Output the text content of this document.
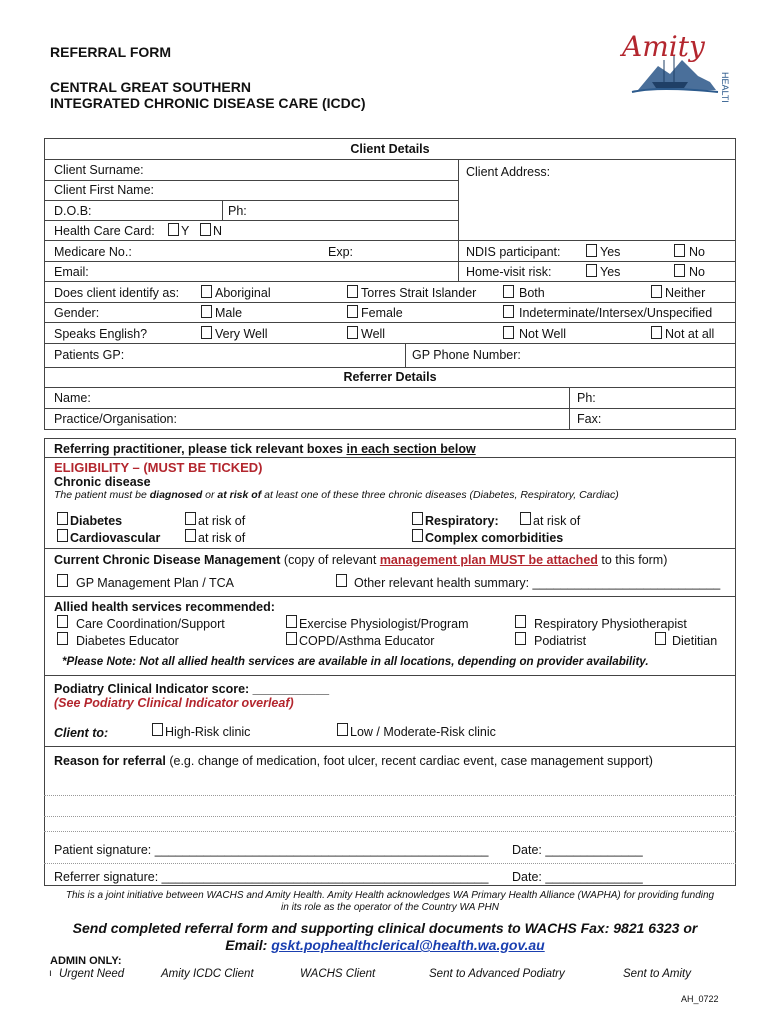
REFERRAL FORM
CENTRAL GREAT SOUTHERN
INTEGRATED CHRONIC DISEASE CARE (ICDC)
Amity
HEALTH
Client Details
Client Surname:	Client Address:
Client First Name:
D.O.B:	Ph:
Health Care Card: Y N
Medicare No.:	Exp:	NDIS participant:	Yes	No
Email:	Home-visit risk:	Yes	No
Does client identify as:	Aboriginal	Torres Strait Islander	Both	Neither
Gender:	Male	Female	Indeterminate/Intersex/Unspecified
Speaks English?	Very Well	Well	Not Well	Not at all
Patients GP:	GP Phone Number:
Referrer Details
Name:	Ph:
Practice/Organisation:	Fax:
Referring practitioner, please tick relevant boxes in each section below
ELIGIBILITY – (MUST BE TICKED)
Chronic disease
The patient must be diagnosed or at risk of at least one of these three chronic diseases (Diabetes, Respiratory, Cardiac)
Diabetes	at risk of	Respiratory:	at risk of
Cardiovascular	at risk of	Complex comorbidities
Current Chronic Disease Management (copy of relevant management plan MUST be attached to this form)
GP Management Plan / TCA	Other relevant health summary: ___________________________
Allied health services recommended:
Care Coordination/Support	Exercise Physiologist/Program	Respiratory Physiotherapist
Diabetes Educator	COPD/Asthma Educator	Podiatrist	Dietitian
*Please Note: Not all allied health services are available in all locations, depending on provider availability.
Podiatry Clinical Indicator score: ___________
(See Podiatry Clinical Indicator overleaf)
Client to:	High-Risk clinic	Low / Moderate-Risk clinic
Reason for referral (e.g. change of medication, foot ulcer, recent cardiac event, case management support)
Patient signature: ________________________________________________ Date: ______________
Referrer signature: _______________________________________________ Date: ______________
This is a joint initiative between WACHS and Amity Health. Amity Health acknowledges WA Primary Health Alliance (WAPHA) for providing funding
in its role as the operator of the Country WA PHN
Send completed referral form and supporting clinical documents to WACHS Fax: 9821 6323 or
Email: gskt.pophealthclerical@health.wa.gov.au
ADMIN ONLY:
ı Urgent Need	Amity ICDC Client	WACHS Client	Sent to Advanced Podiatry	Sent to Amity
AH_0722
